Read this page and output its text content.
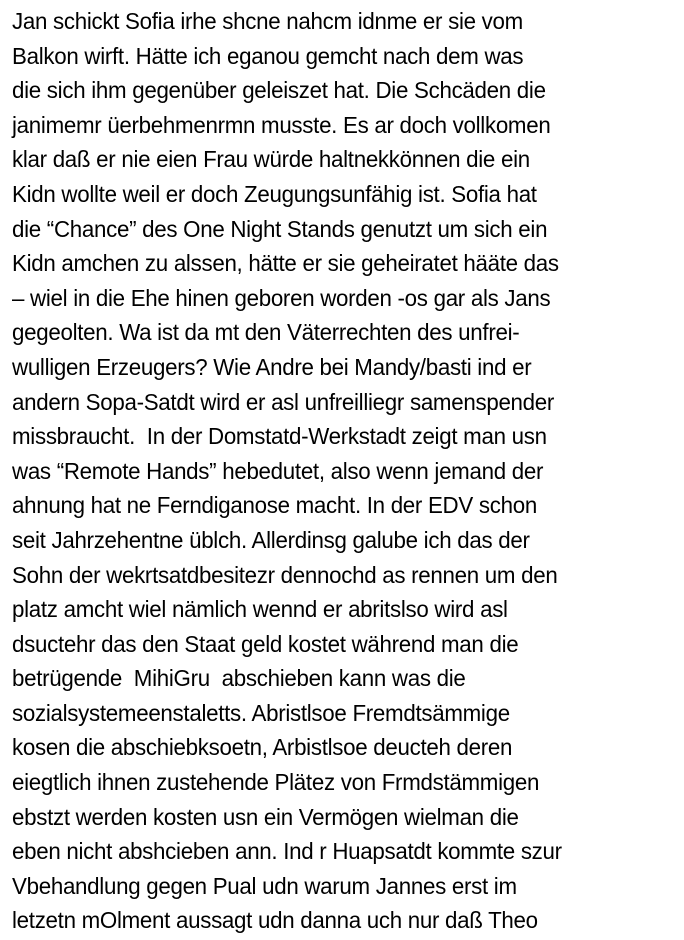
Jan schickt Sofia irhe shcne nahcm idnme er sie vom
Balkon wirft. Hätte ich eganou gemcht nach dem was
die sich ihm gegenüber geleiszet hat. Die Schcäden die
janimemr üerbehmenrmn musste. Es ar doch vollkomen
klar daß er nie eien Frau würde haltnekkönnen die ein
Kidn wollte weil er doch Zeugungsunfähig ist. Sofia hat
die “Chance” des One Night Stands genutzt um sich ein
Kidn amchen zu alssen, hätte er sie geheiratet hääte das
– wiel in die Ehe hinen geboren worden -os gar als Jans
gegeolten. Wa ist da mt den Väterrechten des unfrei-
wulligen Erzeugers? Wie Andre bei Mandy/basti ind er
andern Sopa-Satdt wird er asl unfreilliegr samenspender
missbraucht.  In der Domstatd-Werkstadt zeigt man usn
was “Remote Hands” hebedutet, also wenn jemand der
ahnung hat ne Ferndiganose macht. In der EDV schon
seit Jahrzehentne üblch. Allerdinsg galube ich das der
Sohn der wekrtsatdbesitezr dennochd as rennen um den
platz amcht wiel nämlich wennd er abritslso wird asl
dsuctehr das den Staat geld kostet während man die
betrügende  MihiGru  abschieben kann was die
sozialsystemeenstaletts. Abristlsoe Fremdtsämmige
kosen die abschiebksoetn, Arbistlsoe deucteh deren
eiegtlich ihnen zustehende Plätez von Frmdstämmigen
ebstzt werden kosten usn ein Vermögen wielman die
eben nicht abshcieben ann. Ind r Huapsatdt kommte szur
Vbehandlung gegen Pual udn warum Jannes erst im
letzetn mOlment aussagt udn danna uch nur daß Theo
